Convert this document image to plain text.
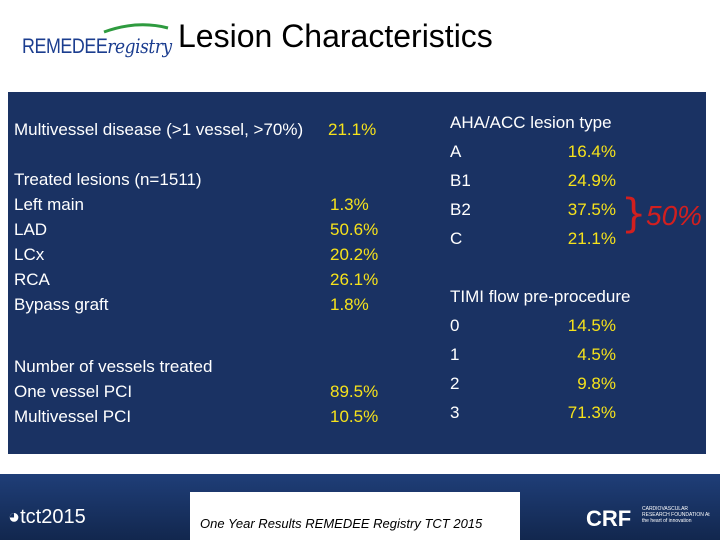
REMEDEEregistry Lesion Characteristics
Multivessel disease (>1 vessel, >70%) 21.1%
Treated lesions (n=1511)
Left main	1.3%
LAD	50.6%
LCx	20.2%
RCA	26.1%
Bypass graft	1.8%
Number of vessels treated
One vessel PCI	89.5%
Multivessel PCI	10.5%
AHA/ACC lesion type
A	16.4%
B1	24.9%
B2	37.5%
C	21.1%
} 50%
TIMI flow pre-procedure
0	14.5%
1	4.5%
2	9.8%
3	71.3%
One Year Results REMEDEE Registry TCT 2015
◕tct2015	CRF CARDIOVASCULAR RESEARCH FOUNDATION At the heart of innovation
